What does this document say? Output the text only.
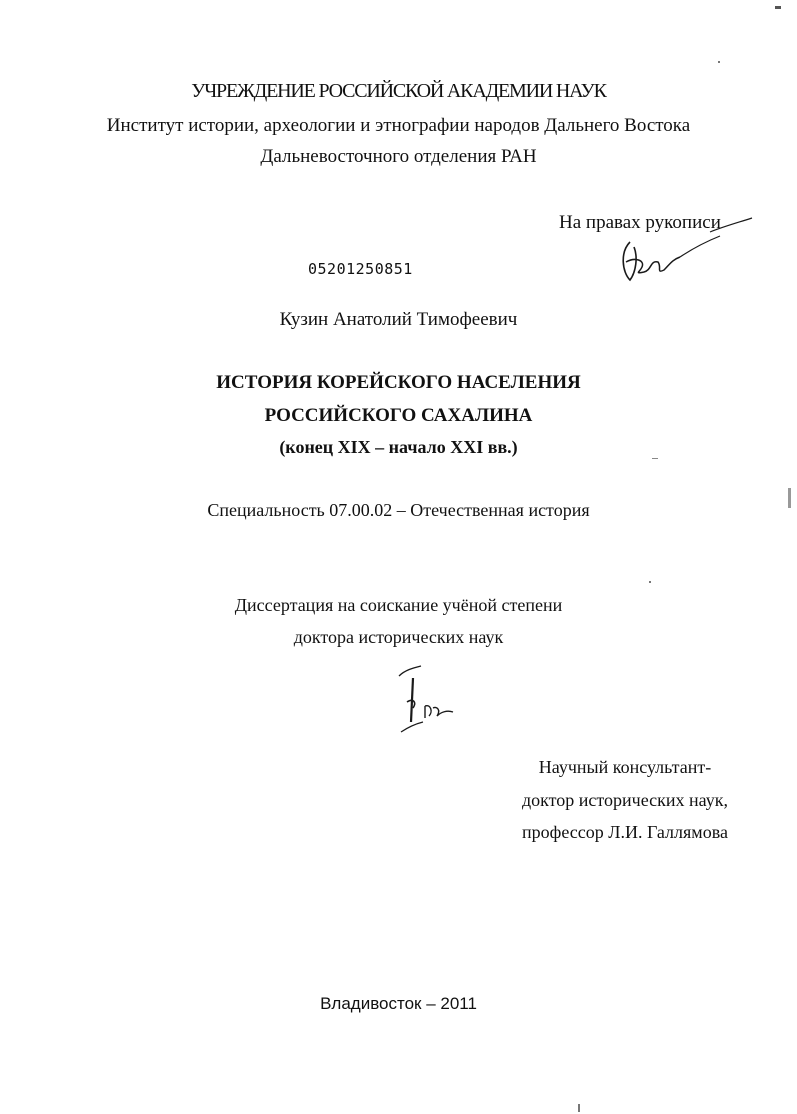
УЧРЕЖДЕНИЕ РОССИЙСКОЙ АКАДЕМИИ НАУК
Институт истории, археологии и этнографии народов Дальнего Востока
Дальневосточного отделения РАН
На правах рукописи
05201250851
Кузин Анатолий Тимофеевич
ИСТОРИЯ КОРЕЙСКОГО НАСЕЛЕНИЯ
РОССИЙСКОГО САХАЛИНА
(конец XIX – начало XXI вв.)
Специальность 07.00.02 – Отечественная история
Диссертация на соискание учёной степени
доктора исторических наук
Научный консультант-
доктор исторических наук,
профессор Л.И. Галлямова
Владивосток – 2011
